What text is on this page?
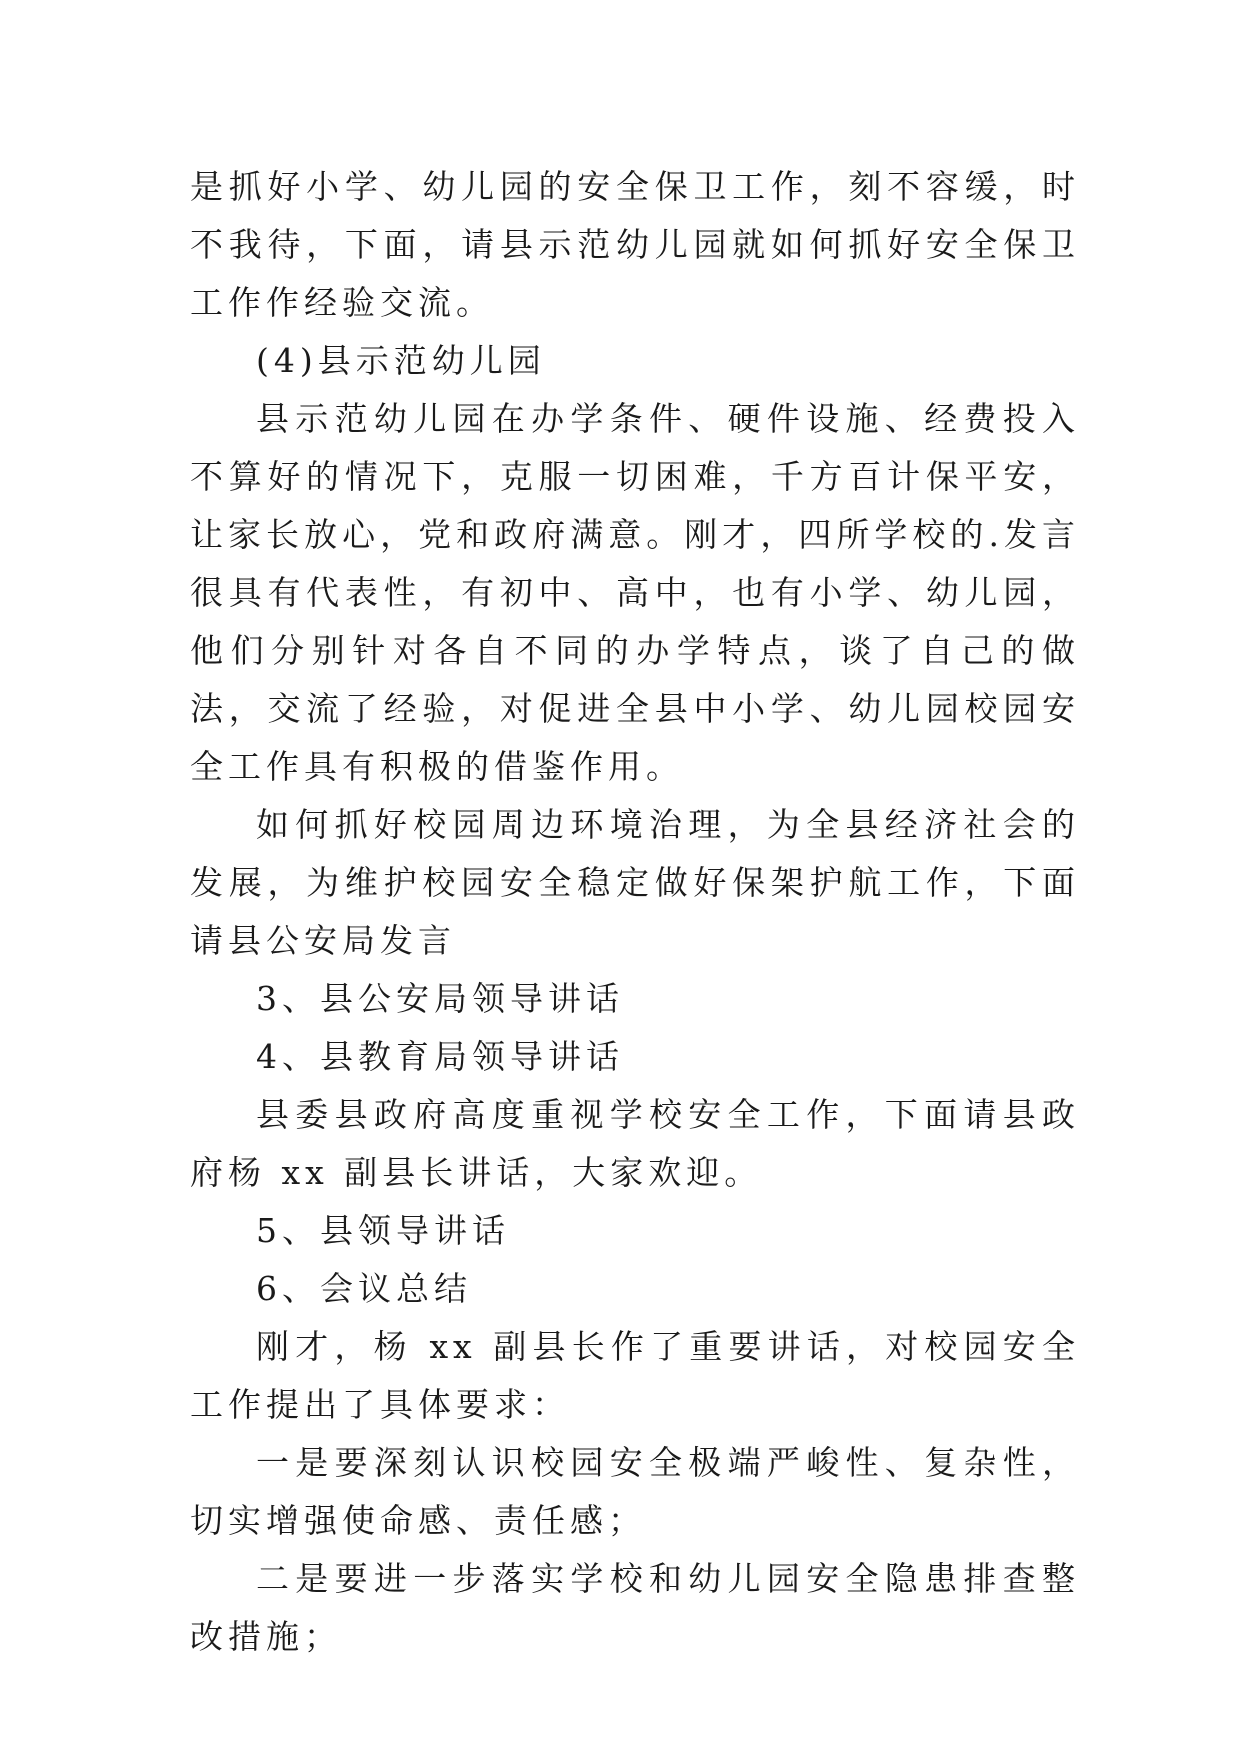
是抓好小学、幼儿园的安全保卫工作，刻不容缓，时不我待，下面，请县示范幼儿园就如何抓好安全保卫工作作经验交流。

(4)县示范幼儿园

县示范幼儿园在办学条件、硬件设施、经费投入不算好的情况下，克服一切困难，千方百计保平安，让家长放心，党和政府满意。刚才，四所学校的.发言很具有代表性，有初中、高中，也有小学、幼儿园，他们分别针对各自不同的办学特点，谈了自己的做法，交流了经验，对促进全县中小学、幼儿园校园安全工作具有积极的借鉴作用。

如何抓好校园周边环境治理，为全县经济社会的发展，为维护校园安全稳定做好保架护航工作，下面请县公安局发言

3、县公安局领导讲话

4、县教育局领导讲话

县委县政府高度重视学校安全工作，下面请县政府杨 xx 副县长讲话，大家欢迎。

5、县领导讲话

6、会议总结

刚才，杨 xx 副县长作了重要讲话，对校园安全工作提出了具体要求：

一是要深刻认识校园安全极端严峻性、复杂性，切实增强使命感、责任感；

二是要进一步落实学校和幼儿园安全隐患排查整改措施；
